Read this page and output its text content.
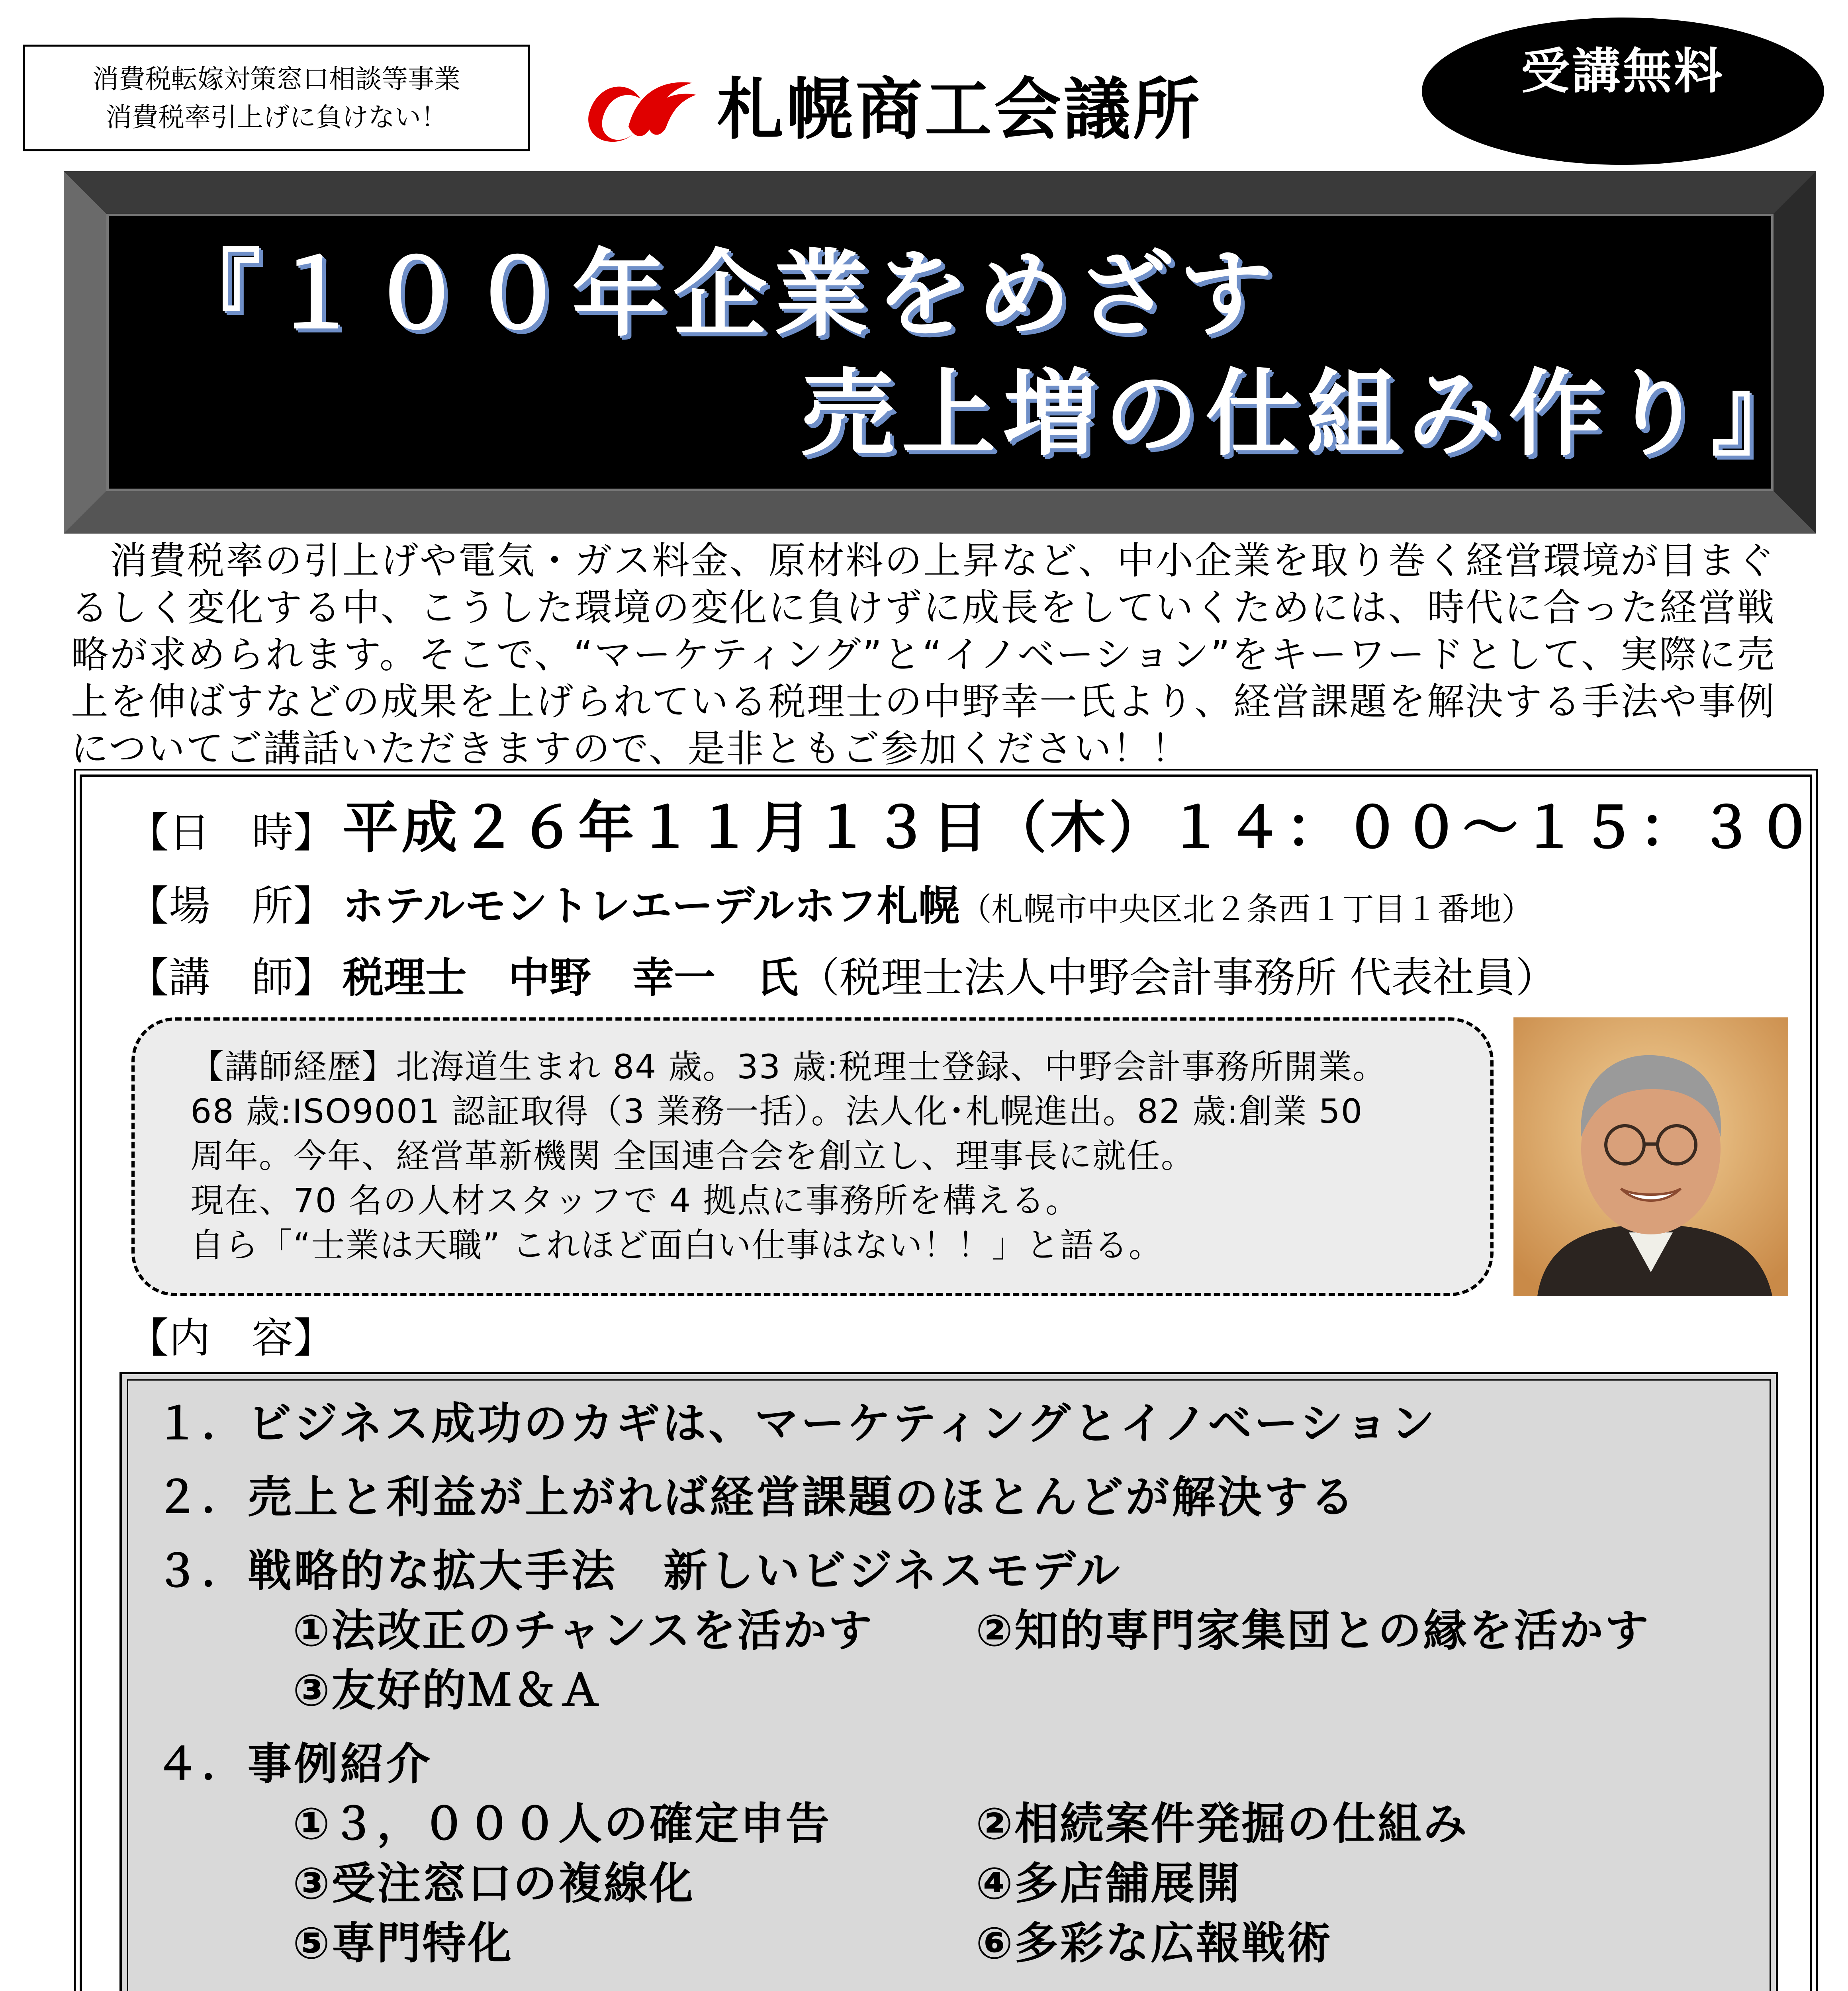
消費税転嫁対策窓口相談等事業
消費税率引上げに負けない！	札幌商工会議所	受講無料
『１００年企業をめざす
売上増の仕組み作り』
　消費税率の引上げや電気・ガス料金、原材料の上昇など、中小企業を取り巻く経営環境が目まぐるしく変化する中、こうした環境の変化に負けずに成長をしていくためには、時代に合った経営戦略が求められます。そこで、“マーケティング”と“イノベーション”をキーワードとして、実際に売上を伸ばすなどの成果を上げられている税理士の中野幸一氏より、経営課題を解決する手法や事例についてご講話いただきますので、是非ともご参加ください！！
【日　時】 平成２６年１１月１３日（木）１４：００～１５：３０
【場　所】 ホテルモントレエーデルホフ札幌（札幌市中央区北２条西１丁目１番地）
【講　師】 税理士　中野　幸一　 氏（税理士法人中野会計事務所 代表社員）
【講師経歴】北海道生まれ 84 歳。33 歳:税理士登録、中野会計事務所開業。
68 歳:ISO9001 認証取得（3 業務一括）。法人化･札幌進出。82 歳:創業 50
周年。今年、経営革新機関 全国連合会を創立し、理事長に就任。
現在、70 名の人材スタッフで 4 拠点に事務所を構える。
自ら「“士業は天職” これほど面白い仕事はない！！」と語る。
【内　容】
１．ビジネス成功のカギは、マーケティングとイノベーション
２．売上と利益が上がれば経営課題のほとんどが解決する
３．戦略的な拡大手法　新しいビジネスモデル
①法改正のチャンスを活かす ②知的専門家集団との縁を活かす
③友好的Ｍ＆Ａ
４．事例紹介
①３，０００人の確定申告	②相続案件発掘の仕組み
③受注窓口の複線化	④多店舗展開
⑤専門特化	⑥多彩な広報戦術
